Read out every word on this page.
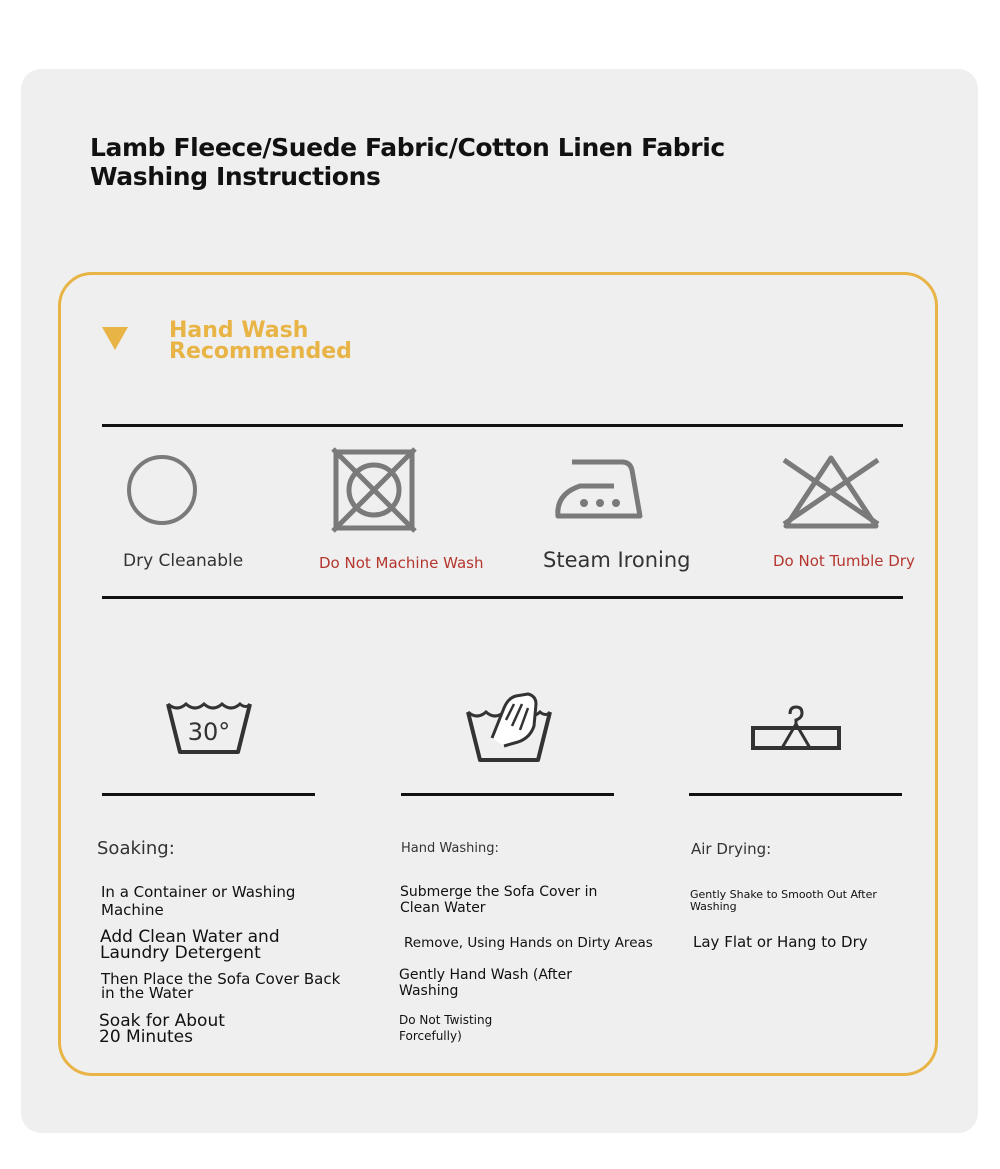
Lamb Fleece/Suede Fabric/Cotton Linen Fabric Washing Instructions
Hand Wash Recommended
Dry Cleanable	Do Not Machine Wash	Steam Ironing	Do Not Tumble Dry
30°
Soaking:
In a Container or Washing Machine
Add Clean Water and Laundry Detergent
Then Place the Sofa Cover Back in the Water
Soak for About 20 Minutes
Hand Washing:
Submerge the Sofa Cover in Clean Water
Remove, Using Hands on Dirty Areas
Gently Hand Wash (After Washing
Do Not Twisting Forcefully)
Air Drying:
Gently Shake to Smooth Out After Washing
Lay Flat or Hang to Dry
